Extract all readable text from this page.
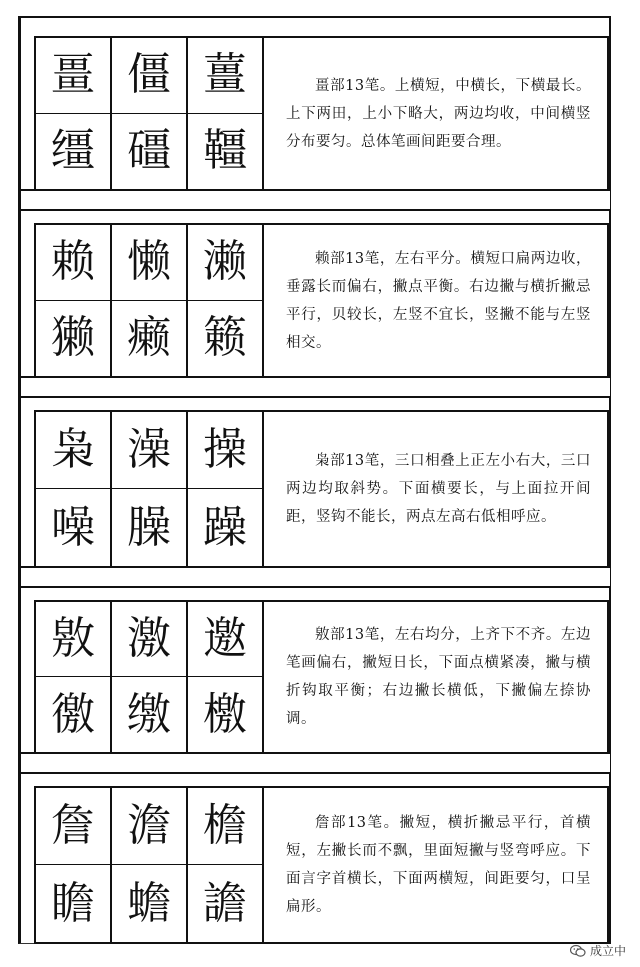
畺 僵 薑
缰 礓 韁

畺部13笔。上横短，中横长，下横最长。上下两田，上小下略大，两边均收，中间横竖分布要匀。总体笔画间距要合理。

赖 懒 濑
獭 癞 籁

赖部13笔，左右平分。横短口扁两边收，垂露长而偏右，撇点平衡。右边撇与横折撇忌平行，贝较长，左竖不宜长，竖撇不能与左竖相交。

枭 澡 操
噪 臊 躁

枭部13笔，三口相叠上正左小右大，三口两边均取斜势。下面横要长，与上面拉开间距，竖钩不能长，两点左高右低相呼应。

敫 激 邀
徼 缴 檄

敫部13笔，左右均分，上齐下不齐。左边笔画偏右，撇短日长，下面点横紧凑，撇与横折钩取平衡；右边撇长横低，下撇偏左捺协调。

詹 澹 檐
瞻 蟾 譫

詹部13笔。撇短，横折撇忌平行，首横短，左撇长而不飘，里面短撇与竖弯呼应。下面言字首横长，下面两横短，间距要匀，口呈扁形。

成立中
